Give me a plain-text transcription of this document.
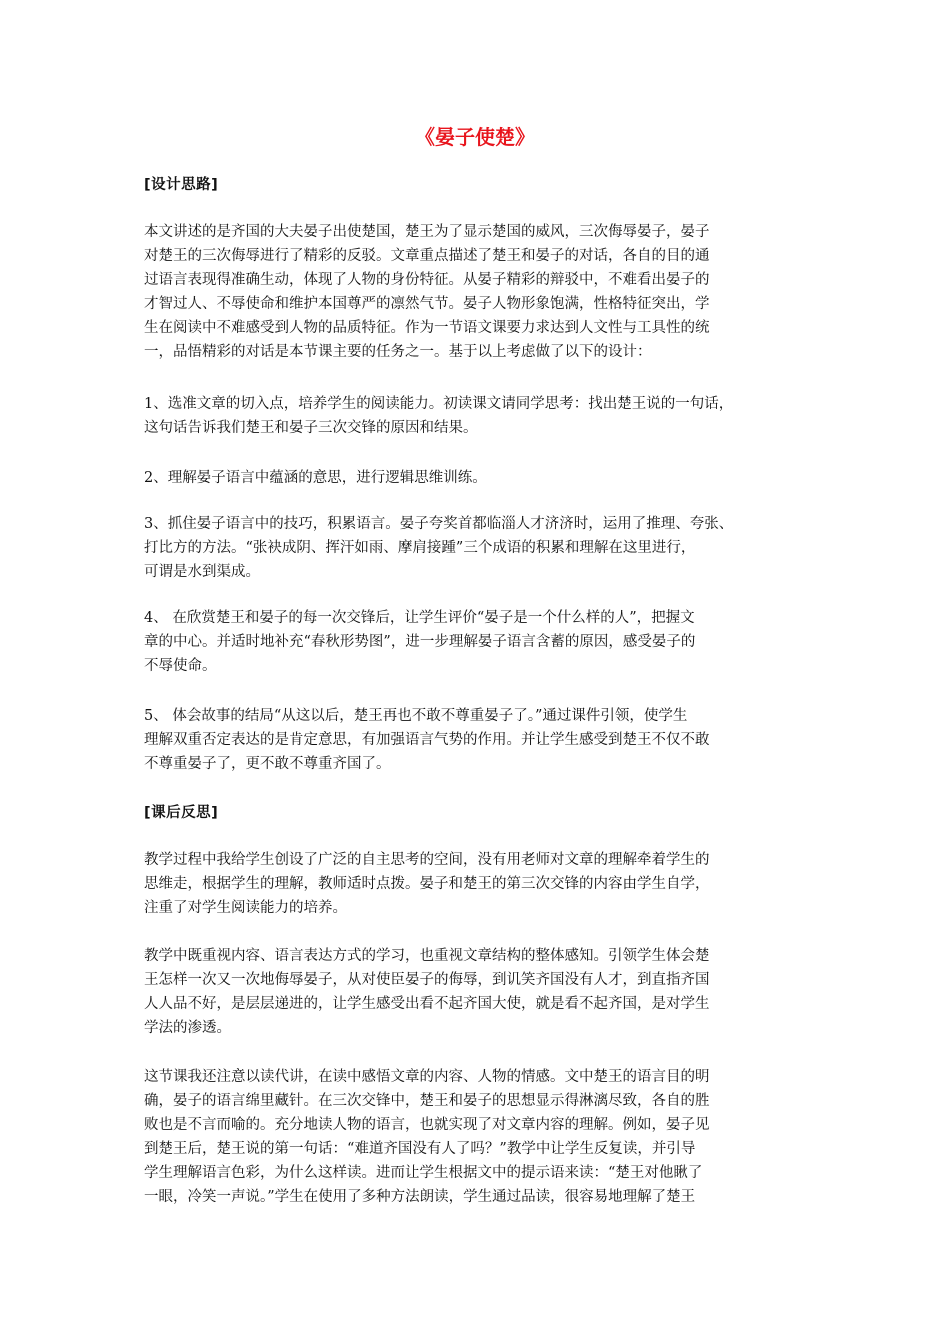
《晏子使楚》
[设计思路]
本文讲述的是齐国的大夫晏子出使楚国，楚王为了显示楚国的威风，三次侮辱晏子，晏子
对楚王的三次侮辱进行了精彩的反驳。文章重点描述了楚王和晏子的对话，各自的目的通
过语言表现得准确生动，体现了人物的身份特征。从晏子精彩的辩驳中，不难看出晏子的
才智过人、不辱使命和维护本国尊严的凛然气节。晏子人物形象饱满，性格特征突出，学
生在阅读中不难感受到人物的品质特征。作为一节语文课要力求达到人文性与工具性的统
一，品悟精彩的对话是本节课主要的任务之一。基于以上考虑做了以下的设计：
1、选准文章的切入点，培养学生的阅读能力。初读课文请同学思考：找出楚王说的一句话，
这句话告诉我们楚王和晏子三次交锋的原因和结果。
2、理解晏子语言中蕴涵的意思，进行逻辑思维训练。
3、抓住晏子语言中的技巧，积累语言。晏子夸奖首都临淄人才济济时，运用了推理、夸张、
打比方的方法。“张袂成阴、挥汗如雨、摩肩接踵”三个成语的积累和理解在这里进行，
可谓是水到渠成。
4、 在欣赏楚王和晏子的每一次交锋后，让学生评价“晏子是一个什么样的人”，把握文
章的中心。并适时地补充“春秋形势图”，进一步理解晏子语言含蓄的原因，感受晏子的
不辱使命。
5、 体会故事的结局“从这以后，楚王再也不敢不尊重晏子了。”通过课件引领，使学生
理解双重否定表达的是肯定意思，有加强语言气势的作用。并让学生感受到楚王不仅不敢
不尊重晏子了，更不敢不尊重齐国了。
[课后反思]
教学过程中我给学生创设了广泛的自主思考的空间，没有用老师对文章的理解牵着学生的
思维走，根据学生的理解，教师适时点拨。晏子和楚王的第三次交锋的内容由学生自学，
注重了对学生阅读能力的培养。
教学中既重视内容、语言表达方式的学习，也重视文章结构的整体感知。引领学生体会楚
王怎样一次又一次地侮辱晏子，从对使臣晏子的侮辱，到讥笑齐国没有人才，到直指齐国
人人品不好，是层层递进的，让学生感受出看不起齐国大使，就是看不起齐国，是对学生
学法的渗透。
这节课我还注意以读代讲，在读中感悟文章的内容、人物的情感。文中楚王的语言目的明
确，晏子的语言绵里藏针。在三次交锋中，楚王和晏子的思想显示得淋漓尽致，各自的胜
败也是不言而喻的。充分地读人物的语言，也就实现了对文章内容的理解。例如，晏子见
到楚王后，楚王说的第一句话：“难道齐国没有人了吗？”教学中让学生反复读，并引导
学生理解语言色彩，为什么这样读。进而让学生根据文中的提示语来读：“楚王对他瞅了
一眼，冷笑一声说。”学生在使用了多种方法朗读，学生通过品读，很容易地理解了楚王
